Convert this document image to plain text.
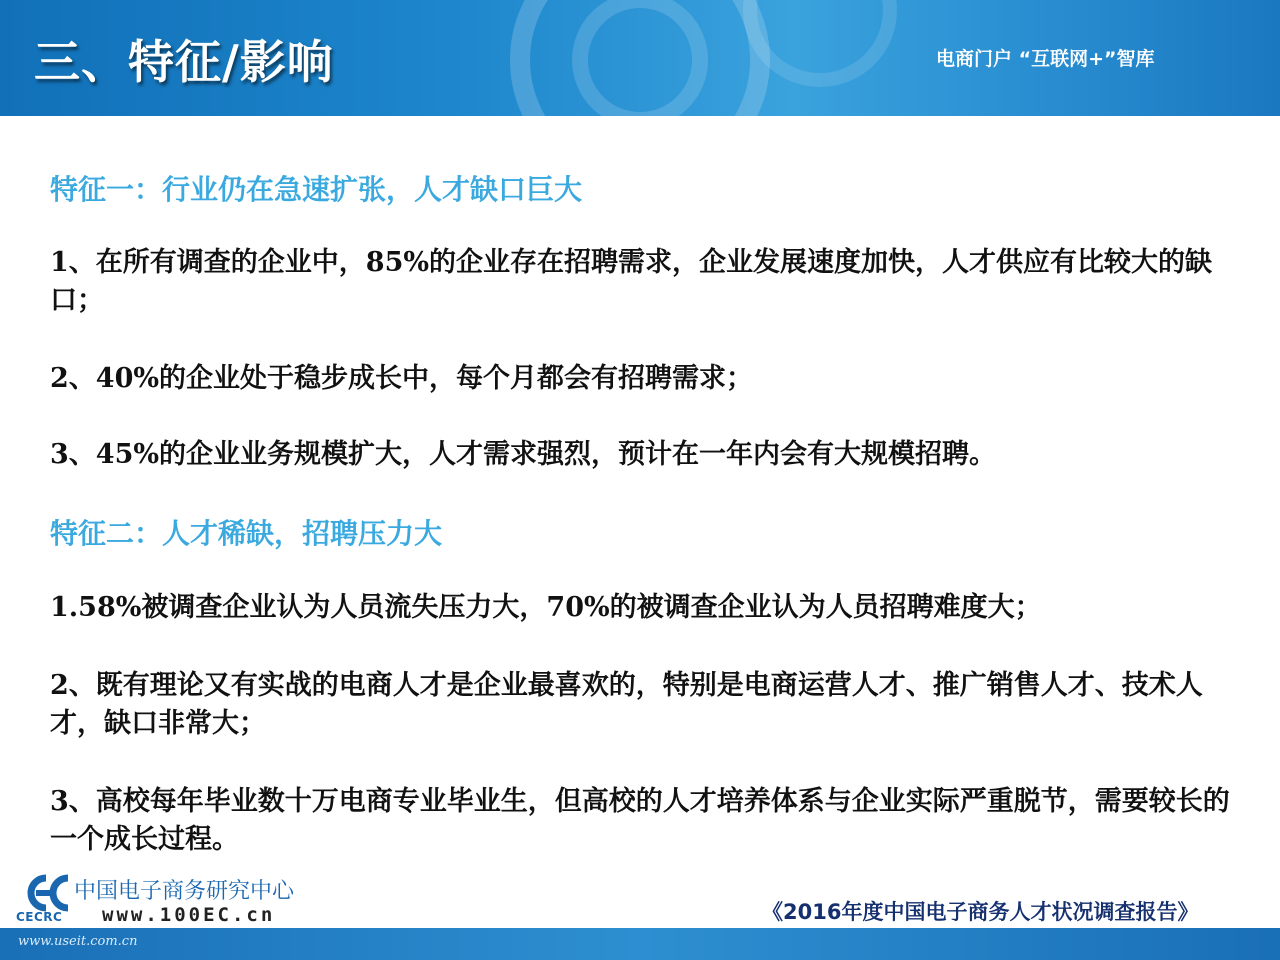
三、特征/影响	电商门户 “互联网+”智库
特征一：行业仍在急速扩张，人才缺口巨大
1、在所有调查的企业中，85%的企业存在招聘需求，企业发展速度加快，人才供应有比较大的缺口；
2、40%的企业处于稳步成长中，每个月都会有招聘需求；
3、45%的企业业务规模扩大，人才需求强烈，预计在一年内会有大规模招聘。
特征二：人才稀缺，招聘压力大
1.58%被调查企业认为人员流失压力大，70%的被调查企业认为人员招聘难度大；
2、既有理论又有实战的电商人才是企业最喜欢的，特别是电商运营人才、推广销售人才、技术人才，缺口非常大；
3、高校每年毕业数十万电商专业毕业生，但高校的人才培养体系与企业实际严重脱节，需要较长的一个成长过程。
CECRC
中国电子商务研究中心
www.100EC.cn	《2016年度中国电子商务人才状况调查报告》
www.useit.com.cn
